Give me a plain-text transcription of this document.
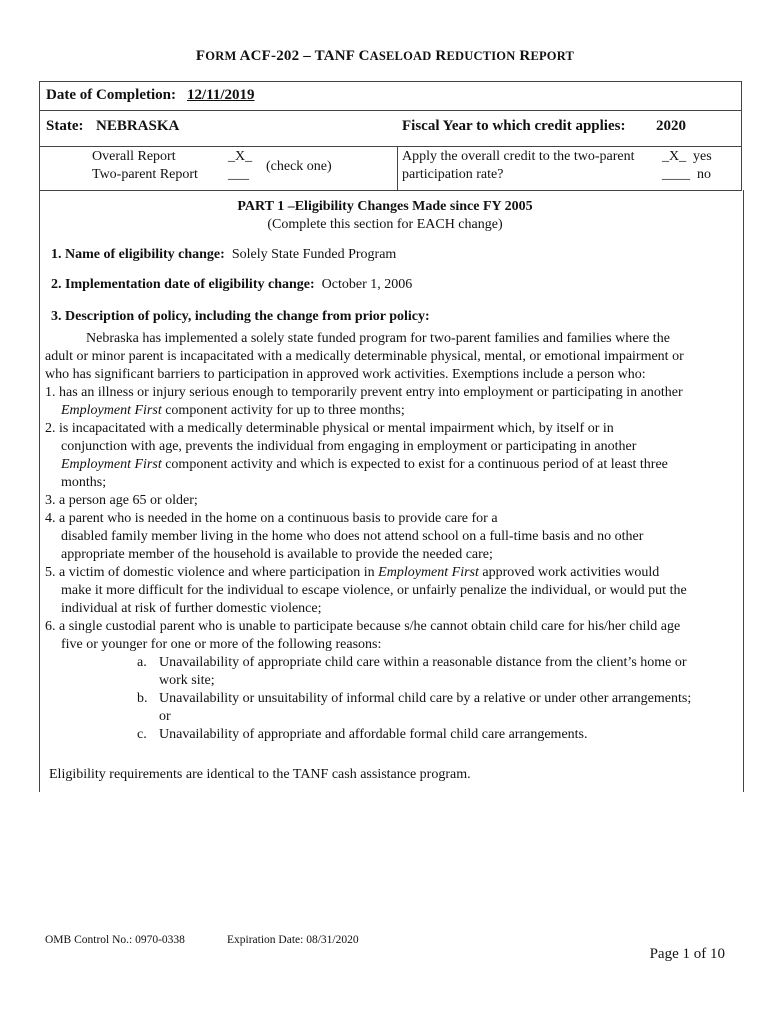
FORM ACF-202 – TANF CASELOAD REDUCTION REPORT
Date of Completion: 12/11/2019
State: NEBRASKA	Fiscal Year to which credit applies: 2020
Overall Report	_X_
Two-parent Report ___
(check one)
Apply the overall credit to the two-parent
participation rate?
_X_ yes
____ no
PART 1 –Eligibility Changes Made since FY 2005
(Complete this section for EACH change)
1. Name of eligibility change: Solely State Funded Program
2. Implementation date of eligibility change: October 1, 2006
3. Description of policy, including the change from prior policy:
Nebraska has implemented a solely state funded program for two-parent families and families where the
adult or minor parent is incapacitated with a medically determinable physical, mental, or emotional impairment or
who has significant barriers to participation in approved work activities. Exemptions include a person who:
1. has an illness or injury serious enough to temporarily prevent entry into employment or participating in another
Employment First component activity for up to three months;
2. is incapacitated with a medically determinable physical or mental impairment which, by itself or in
conjunction with age, prevents the individual from engaging in employment or participating in another
Employment First component activity and which is expected to exist for a continuous period of at least three
months;
3. a person age 65 or older;
4. a parent who is needed in the home on a continuous basis to provide care for a
disabled family member living in the home who does not attend school on a full-time basis and no other
appropriate member of the household is available to provide the needed care;
5. a victim of domestic violence and where participation in Employment First approved work activities would
make it more difficult for the individual to escape violence, or unfairly penalize the individual, or would put the
individual at risk of further domestic violence;
6. a single custodial parent who is unable to participate because s/he cannot obtain child care for his/her child age
five or younger for one or more of the following reasons:
a. Unavailability of appropriate child care within a reasonable distance from the client’s home or
work site;
b. Unavailability or unsuitability of informal child care by a relative or under other arrangements;
or
c. Unavailability of appropriate and affordable formal child care arrangements.
Eligibility requirements are identical to the TANF cash assistance program.
OMB Control No.: 0970-0338	Expiration Date: 08/31/2020
Page 1 of 10
